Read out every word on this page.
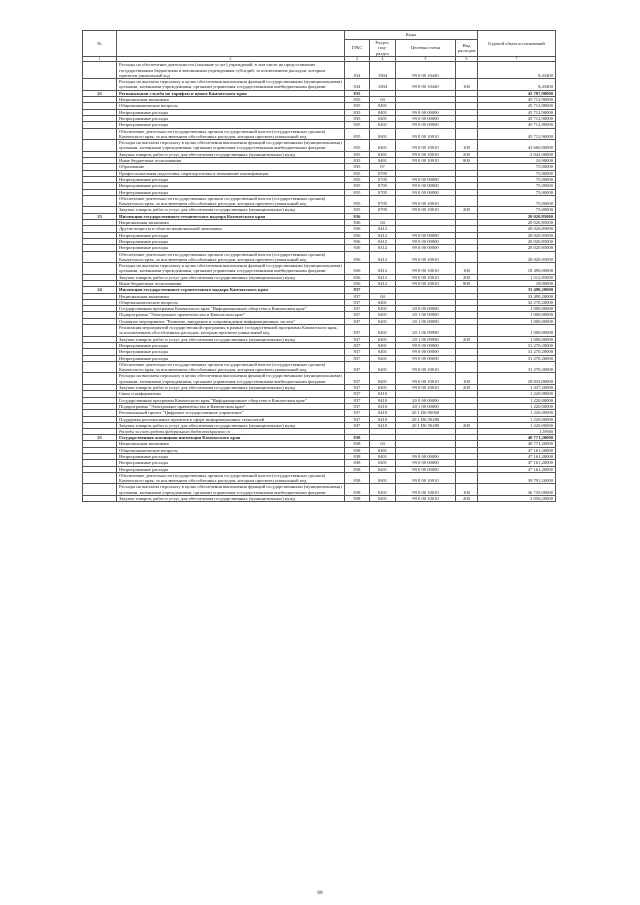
№		Коды				Годовой объем ассигнований
		ГРБС	Раздел, под-раздел	Целевая статья	Вид расходов	
1	2	3	4	5	6	7
	Расходы на обеспечение деятельности (оказание услуг) учреждений, в том числе на предоставление государственным бюджетным и автономным учреждениям субсидий, за исключением расходов, которым присвоен уникальный код	834	1004	99 0 00 10440		8,43400
	Расходы на выплаты персоналу в целях обеспечения выполнения функций государственными (муниципальными) органами, казенными учреждениями, органами управления государственными внебюджетными фондами	834	1004	99 0 00 10440	100	8,43400
22	Региональная служба по тарифам и ценам Камчатского края	835				45 787,90000
	Национальная экономика	835	04			45 712,90000
	Общеэкономические вопросы	835	0401			45 712,90000
	Непрограммные расходы	835	0401	99 0 00 00000		45 712,90000
	Непрограммные расходы	835	0401	99 0 00 00000		45 712,90000
	Непрограммные расходы	835	0401	99 0 00 00000		45 712,90000
	Обеспечение деятельности государственных органов государственной власти (государственных органов) Камчатского края, за исключением обособленных расходов, которым присвоен уникальный код	835	0401	99 0 00 10010		45 712,90000
	Расходы на выплаты персоналу в целях обеспечения выполнения функций государственными (муниципальными) органами, казенными учреждениями, органами управления государственными внебюджетными фондами	835	0401	99 0 00 10010	100	43 660,00000
	Закупка товаров, работ и услуг для обеспечения государственных (муниципальных) нужд	835	0401	99 0 00 10010	200	2 042,90000
	Иные бюджетные ассигнования	835	0401	99 0 00 10010	800	10,00000
	Образование	835	07			75,00000
	Профессиональная подготовка, переподготовка и повышение квалификации	835	0705			75,00000
	Непрограммные расходы	835	0705	99 0 00 00000		75,00000
	Непрограммные расходы	835	0705	99 0 00 00000		75,00000
	Непрограммные расходы	835	0705	99 0 00 00000		75,00000
	Обеспечение деятельности государственных органов государственной власти (государственных органов) Камчатского края, за исключением обособленных расходов, которым присвоен уникальный код	835	0705	99 0 00 10010		75,00000
	Закупка товаров, работ и услуг для обеспечения государственных (муниципальных) нужд	835	0705	99 0 00 10010	200	75,00000
23	Инспекция государственного технического надзора Камчатского края	836				20 020,85000
	Национальная экономика	836	04			20 020,85000
	Другие вопросы в области национальной экономики	836	0412			20 020,85000
	Непрограммные расходы	836	0412	99 0 00 00000		20 020,85000
	Непрограммные расходы	836	0412	99 0 00 00000		20 020,85000
	Непрограммные расходы	836	0412	99 0 00 00000		20 020,85000
	Обеспечение деятельности государственных органов государственной власти (государственных органов) Камчатского края, за исключением обособленных расходов, которым присвоен уникальный код	836	0412	99 0 00 10010		20 020,85000
	Расходы на выплаты персоналу в целях обеспечения выполнения функций государственными (муниципальными) органами, казенными учреждениями, органами управления государственными внебюджетными фондами	836	0412	99 0 00 10010	100	18 490,00000
	Закупка товаров, работ и услуг для обеспечения государственных (муниципальных) нужд	836	0412	99 0 00 10010	200	1 512,85000
	Иные бюджетные ассигнования	836	0412	99 0 00 10010	800	18,00000
24	Инспекция государственного строительного надзора Камчатского края	837				33 490,20000
	Национальная экономика	837	04			33 490,20000
	Общеэкономические вопросы	837	0401			32 270,20000
	Государственная программа Камчатского края "Информационное общество в Камчатском крае"	837	0401	20 0 00 00000		1 000,00000
	Подпрограмма "Электронное правительство в Камчатском крае"	837	0401	20 1 00 00000		1 000,00000
	Основное мероприятие "Развитие, внедрение и сопровождение информационных систем"	837	0401	20 1 06 00000		1 000,00000
	Реализация мероприятий государственной программы в рамках государственной программы Камчатского края, за исключением обособленных расходов, которым присвоен уникальный код	837	0401	20 1 06 09990		1 000,00000
	Закупка товаров, работ и услуг для обеспечения государственных (муниципальных) нужд	837	0401	20 1 06 09990	200	1 000,00000
	Непрограммные расходы	837	0401	99 0 00 00000		31 270,20000
	Непрограммные расходы	837	0401	99 0 00 00000		31 270,20000
	Непрограммные расходы	837	0401	99 0 00 00000		31 270,20000
	Обеспечение деятельности государственных органов государственной власти (государственных органов) Камчатского края, за исключением обособленных расходов, которым присвоен уникальный код	837	0401	99 0 00 10010		31 270,20000
	Расходы на выплаты персоналу в целях обеспечения выполнения функций государственными (муниципальными) органами, казенными учреждениями, органами управления государственными внебюджетными фондами	837	0401	99 0 00 10010	100	29 833,00000
	Закупка товаров, работ и услуг для обеспечения государственных (муниципальных) нужд	837	0401	99 0 00 10010	200	1 437,20000
	Связь и информатика	837	0410			1 220,00000
	Государственная программа Камчатского края "Информационное общество в Камчатском крае"	837	0410	20 0 00 00000		1 220,00000
	Подпрограмма "Электронное правительство в Камчатском крае"	837	0410	20 1 00 00000		1 220,00000
	Региональный проект "Цифровое государственное управление"	837	0410	20 1 D6 00000		1 220,00000
	Поддержка региональных проектов в сфере информационных технологий	837	0410	20 1 D6 50280		1 220,00000
	Закупка товаров, работ и услуг для обеспечения государственных (муниципальных) нужд	837	0410	20 1 D6 50280	200	1 220,00000
	Расходы за счет средств федерального бюджета/краевого сч					1,59000
25	Государственная жилищная инспекция Камчатского края	838				40 771,20000
	Национальная экономика	838	04			40 771,20000
	Общеэкономические вопросы	838	0401			47 161,20000
	Непрограммные расходы	838	0401	99 0 00 00000		47 161,20000
	Непрограммные расходы	838	0401	99 0 00 00000		47 161,20000
	Непрограммные расходы	838	0401	99 0 00 00000		47 161,20000
	Обеспечение деятельности государственных органов государственной власти (государственных органов) Камчатского края, за исключением обособленных расходов, которым присвоен уникальный код	838	0401	99 0 00 10010		39 791,20000
	Расходы на выплаты персоналу в целях обеспечения выполнения функций государственными (муниципальными) органами, казенными учреждениями, органами управления государственными внебюджетными фондами	838	0401	99 0 00 10010	100	36 735,00000
	Закупка товаров, работ и услуг для обеспечения государственных (муниципальных) нужд	838	0401	99 0 00 10010	200	3 056,20000
68
